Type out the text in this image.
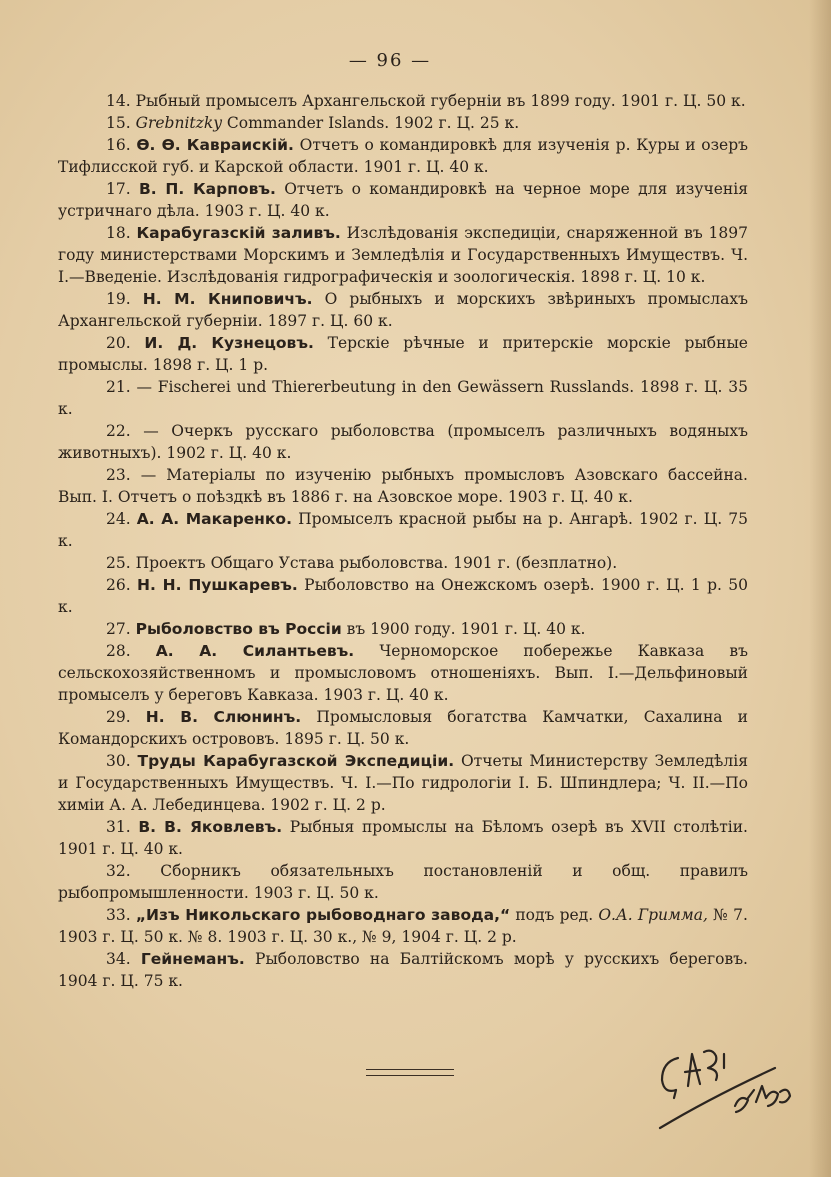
— 96 —

14. Рыбный промыселъ Архангельской губерніи въ 1899 году. 1901 г. Ц. 50 к.

15. Grebnitzky Commander Islands. 1902 г. Ц. 25 к.

16. Ѳ. Ѳ. Кавраискій. Отчетъ о командировкѣ для изученія р. Куры и озеръ Тифлисской губ. и Карской области. 1901 г. Ц. 40 к.

17. В. П. Карповъ. Отчетъ о командировкѣ на черное море для изученія устричнаго дѣла. 1903 г. Ц. 40 к.

18. Карабугазскій заливъ. Изслѣдованія экспедиціи, снаряженной въ 1897 году министерствами Морскимъ и Земледѣлія и Государственныхъ Имуществъ. Ч. I.—Введеніе. Изслѣдованія гидрографическія и зоологическія. 1898 г. Ц. 10 к.

19. Н. М. Книповичъ. О рыбныхъ и морскихъ звѣриныхъ промыслахъ Архангельской губерніи. 1897 г. Ц. 60 к.

20. И. Д. Кузнецовъ. Терскіе рѣчные и притерскіе морскіе рыбные промыслы. 1898 г. Ц. 1 р.

21. — Fischerei und Thiererbeutung in den Gewässern Russlands. 1898 г. Ц. 35 к.

22. — Очеркъ русскаго рыболовства (промыселъ различныхъ водяныхъ животныхъ). 1902 г. Ц. 40 к.

23. — Матеріалы по изученію рыбныхъ промысловъ Азовскаго бассейна. Вып. I. Отчетъ о поѣздкѣ въ 1886 г. на Азовское море. 1903 г. Ц. 40 к.

24. А. А. Макаренко. Промыселъ красной рыбы на р. Ангарѣ. 1902 г. Ц. 75 к.

25. Проектъ Общаго Устава рыболовства. 1901 г. (безплатно).

26. Н. Н. Пушкаревъ. Рыболовство на Онежскомъ озерѣ. 1900 г. Ц. 1 р. 50 к.

27. Рыболовство въ Россіи въ 1900 году. 1901 г. Ц. 40 к.

28. А. А. Силантьевъ. Черноморское побережье Кавказа въ сельскохозяйственномъ и промысловомъ отношеніяхъ. Вып. I.—Дельфиновый промыселъ у береговъ Кавказа. 1903 г. Ц. 40 к.

29. Н. В. Слюнинъ. Промысловыя богатства Камчатки, Сахалина и Командорскихъ острововъ. 1895 г. Ц. 50 к.

30. Труды Карабугазской Экспедиціи. Отчеты Министерству Земледѣлія и Государственныхъ Имуществъ. Ч. I.—По гидрологіи I. Б. Шпиндлера; Ч. II.—По химіи А. А. Лебединцева. 1902 г. Ц. 2 р.

31. В. В. Яковлевъ. Рыбныя промыслы на Бѣломъ озерѣ въ XVII столѣтіи. 1901 г. Ц. 40 к.

32. Сборникъ обязательныхъ постановленій и общ. правилъ рыбопромышленности. 1903 г. Ц. 50 к.

33. „Изъ Никольскаго рыбоводнаго завода,“ подъ ред. О.А. Гримма, № 7. 1903 г. Ц. 50 к. № 8. 1903 г. Ц. 30 к., № 9, 1904 г. Ц. 2 р.

34. Гейнеманъ. Рыболовство на Балтійскомъ морѣ у русскихъ береговъ. 1904 г. Ц. 75 к.
